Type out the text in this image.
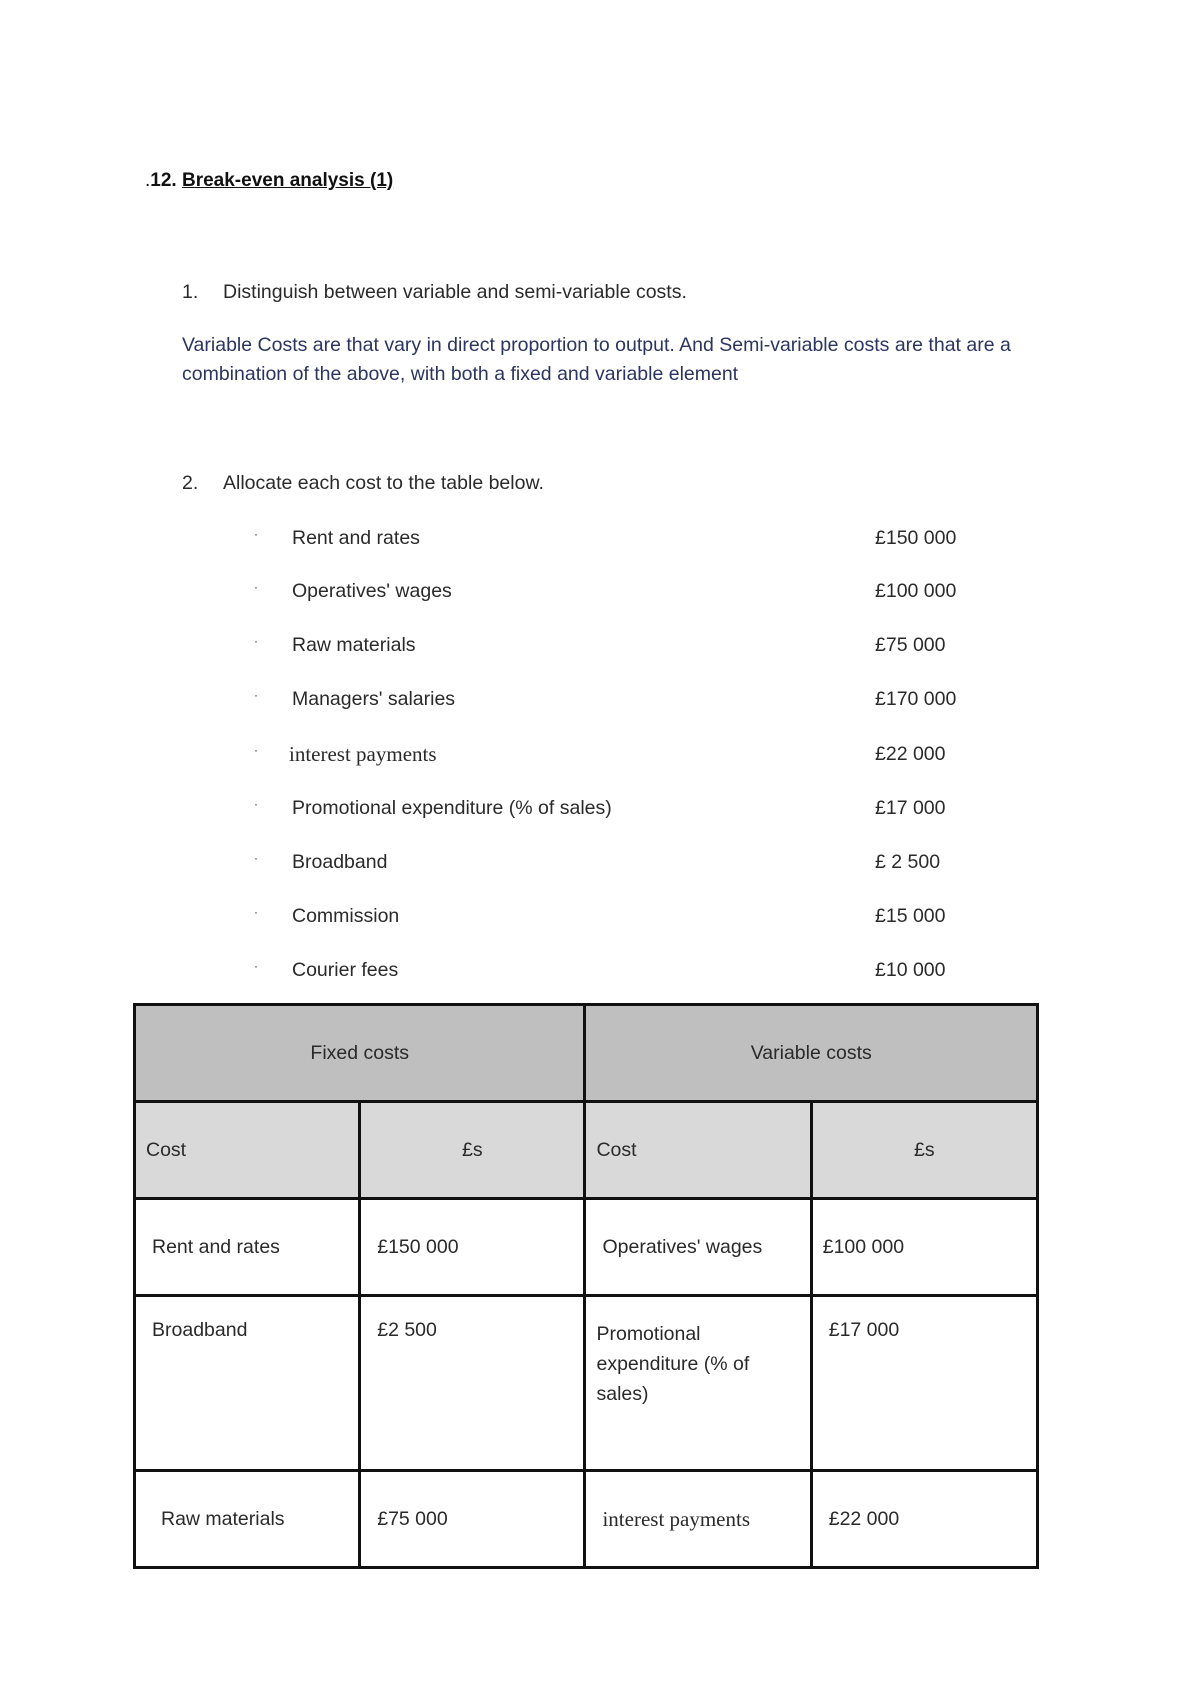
.12. Break-even analysis (1)
1. Distinguish between variable and semi-variable costs.
Variable Costs are that vary in direct proportion to output. And Semi-variable costs are that are a combination of the above, with both a fixed and variable element
2. Allocate each cost to the table below.
· Rent and rates	£150 000
· Operatives' wages	£100 000
· Raw materials	£75 000
· Managers' salaries	£170 000
· interest payments	£22 000
· Promotional expenditure (% of sales)	£17 000
· Broadband	£ 2 500
· Commission	£15 000
· Courier fees	£10 000
Fixed costs		Variable costs	
Cost	£s	Cost	£s
Rent and rates	£150 000	Operatives' wages	£100 000
Broadband	£2 500	Promotional expenditure (% of sales)	£17 000
Raw materials	£75 000	interest payments	£22 000
